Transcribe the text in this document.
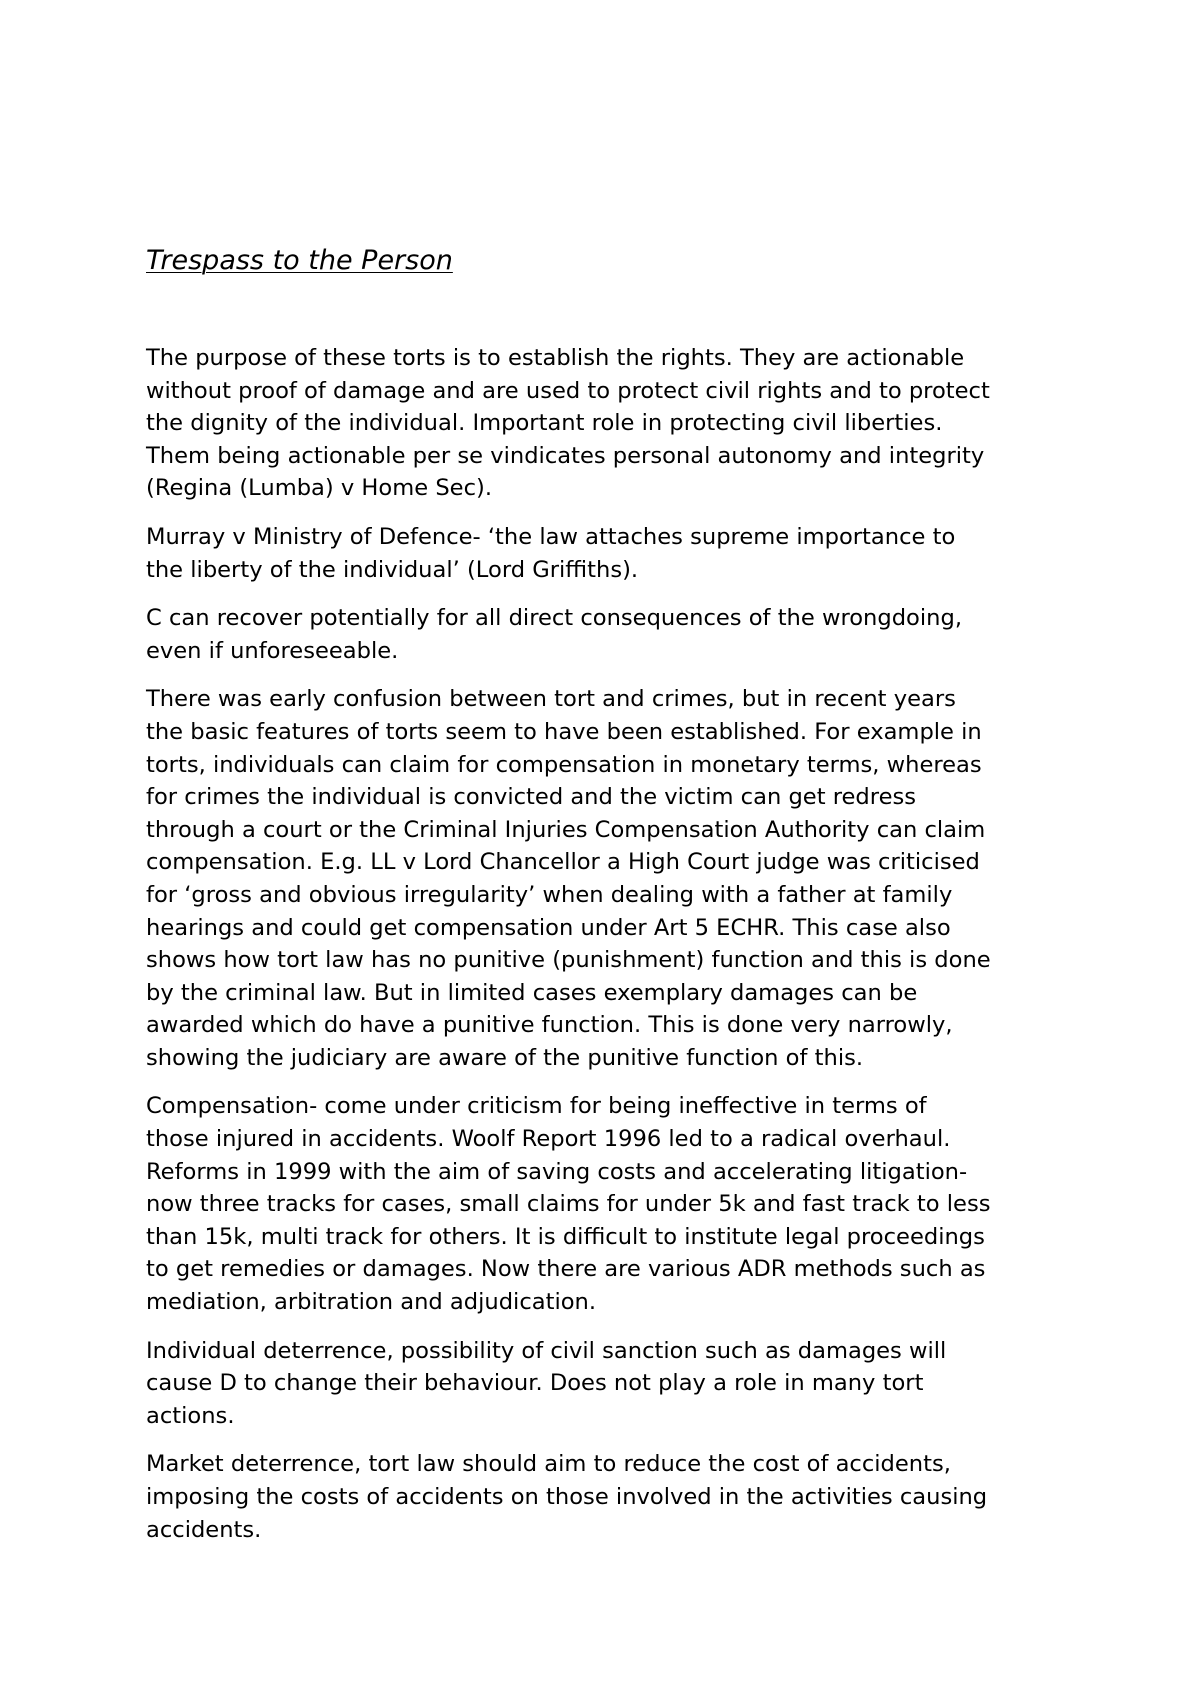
Trespass to the Person

The purpose of these torts is to establish the rights. They are actionable
without proof of damage and are used to protect civil rights and to protect
the dignity of the individual. Important role in protecting civil liberties.
Them being actionable per se vindicates personal autonomy and integrity
(Regina (Lumba) v Home Sec).

Murray v Ministry of Defence- ‘the law attaches supreme importance to
the liberty of the individual’ (Lord Griffiths).

C can recover potentially for all direct consequences of the wrongdoing,
even if unforeseeable.

There was early confusion between tort and crimes, but in recent years
the basic features of torts seem to have been established. For example in
torts, individuals can claim for compensation in monetary terms, whereas
for crimes the individual is convicted and the victim can get redress
through a court or the Criminal Injuries Compensation Authority can claim
compensation. E.g. LL v Lord Chancellor a High Court judge was criticised
for ‘gross and obvious irregularity’ when dealing with a father at family
hearings and could get compensation under Art 5 ECHR. This case also
shows how tort law has no punitive (punishment) function and this is done
by the criminal law. But in limited cases exemplary damages can be
awarded which do have a punitive function. This is done very narrowly,
showing the judiciary are aware of the punitive function of this.

Compensation- come under criticism for being ineffective in terms of
those injured in accidents. Woolf Report 1996 led to a radical overhaul.
Reforms in 1999 with the aim of saving costs and accelerating litigation-
now three tracks for cases, small claims for under 5k and fast track to less
than 15k, multi track for others. It is difficult to institute legal proceedings
to get remedies or damages. Now there are various ADR methods such as
mediation, arbitration and adjudication.

Individual deterrence, possibility of civil sanction such as damages will
cause D to change their behaviour. Does not play a role in many tort
actions.

Market deterrence, tort law should aim to reduce the cost of accidents,
imposing the costs of accidents on those involved in the activities causing
accidents.
